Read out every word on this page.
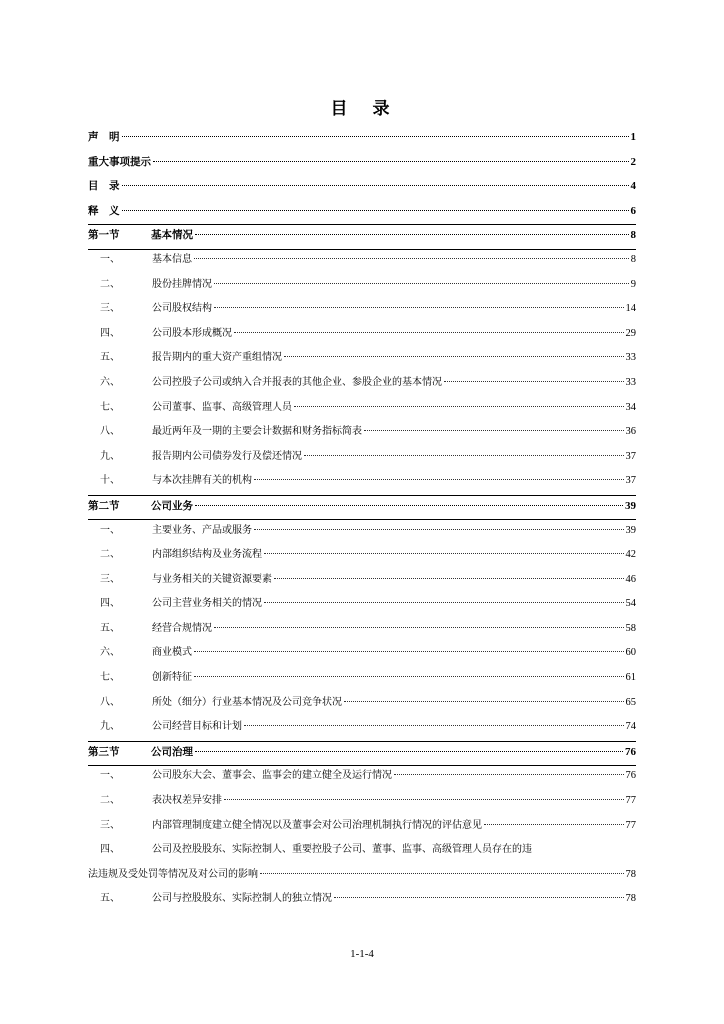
目　录
声　明	1
重大事项提示	2
目　录	4
释　义	6
第一节	基本情况	8
一、	基本信息	8
二、	股份挂牌情况	9
三、	公司股权结构	14
四、	公司股本形成概况	29
五、	报告期内的重大资产重组情况	33
六、	公司控股子公司或纳入合并报表的其他企业、参股企业的基本情况	33
七、	公司董事、监事、高级管理人员	34
八、	最近两年及一期的主要会计数据和财务指标简表	36
九、	报告期内公司债券发行及偿还情况	37
十、	与本次挂牌有关的机构	37
第二节	公司业务	39
一、	主要业务、产品或服务	39
二、	内部组织结构及业务流程	42
三、	与业务相关的关键资源要素	46
四、	公司主营业务相关的情况	54
五、	经营合规情况	58
六、	商业模式	60
七、	创新特征	61
八、	所处（细分）行业基本情况及公司竞争状况	65
九、	公司经营目标和计划	74
第三节	公司治理	76
一、	公司股东大会、董事会、监事会的建立健全及运行情况	76
二、	表决权差异安排	77
三、	内部管理制度建立健全情况以及董事会对公司治理机制执行情况的评估意见	77
四、	公司及控股股东、实际控制人、重要控股子公司、董事、监事、高级管理人员存在的违
法违规及受处罚等情况及对公司的影响	78
五、	公司与控股股东、实际控制人的独立情况	78
1-1-4
